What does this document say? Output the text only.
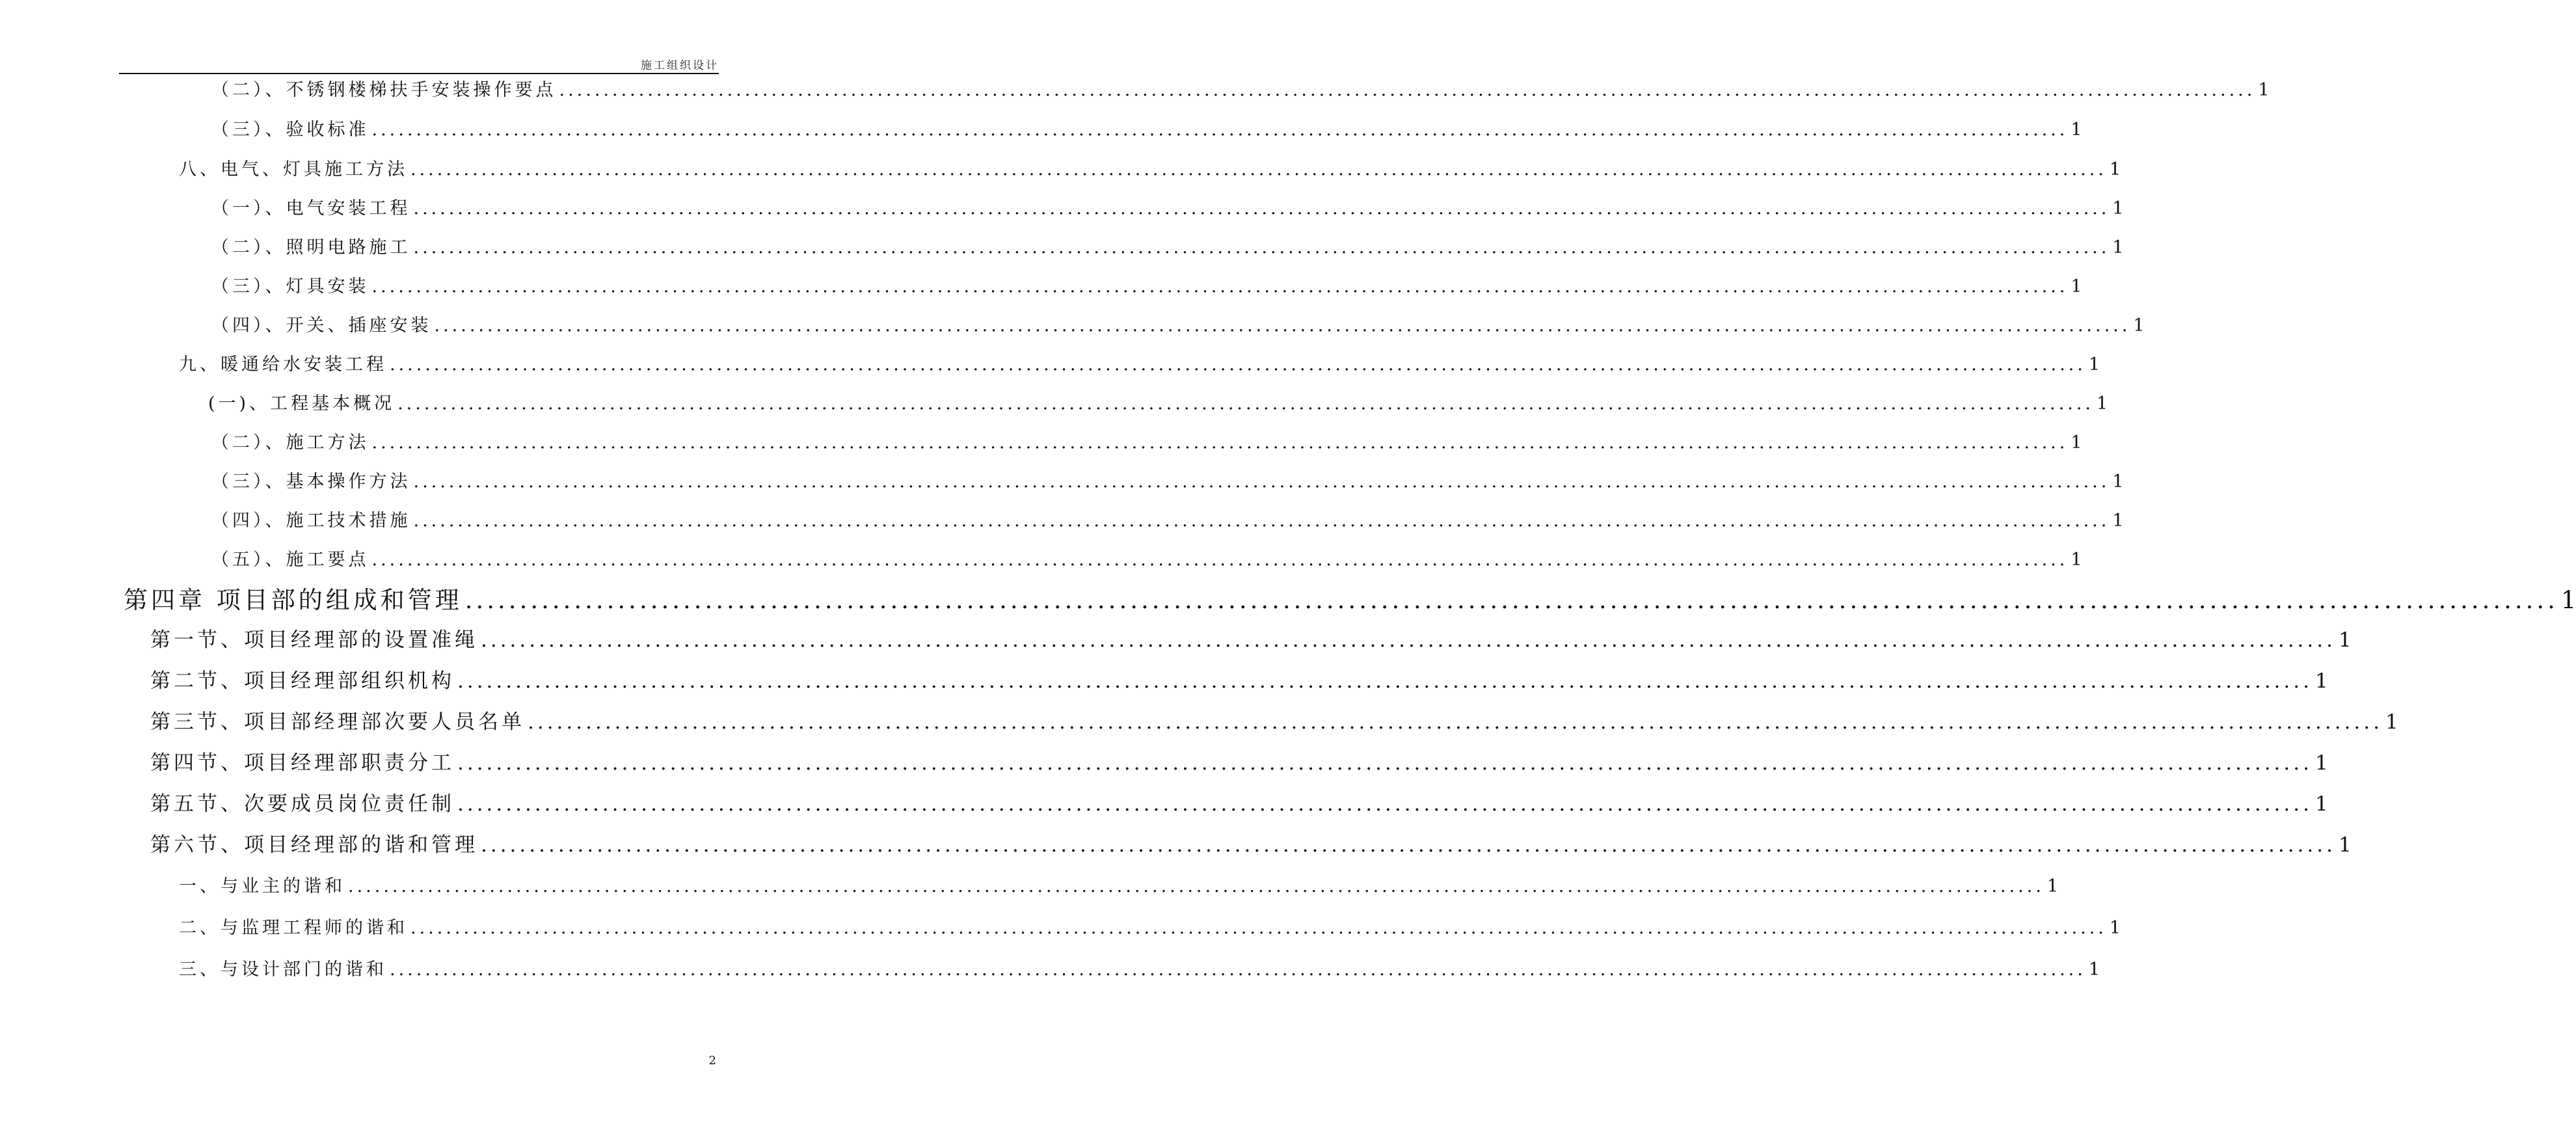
施工组织设计
（二）、不锈钢楼梯扶手安装操作要点 ................................................................................................................................................................................................ 1
（三）、验收标准 ................................................................................................................................................................................................ 1
八、电气、灯具施工方法 ................................................................................................................................................................................................ 1
（一）、电气安装工程 ................................................................................................................................................................................................ 1
（二）、照明电路施工 ................................................................................................................................................................................................ 1
（三）、灯具安装 ................................................................................................................................................................................................ 1
（四）、开关、插座安装 ................................................................................................................................................................................................ 1
九、暖通给水安装工程 ................................................................................................................................................................................................ 1
(一)、工程基本概况 ................................................................................................................................................................................................ 1
（二）、施工方法 ................................................................................................................................................................................................ 1
（三）、基本操作方法 ................................................................................................................................................................................................ 1
（四）、施工技术措施 ................................................................................................................................................................................................ 1
（五）、施工要点 ................................................................................................................................................................................................ 1
第四章 项目部的组成和管理 ................................................................................................................................................................................................ 1
第一节、项目经理部的设置准绳 ................................................................................................................................................................................................ 1
第二节、项目经理部组织机构 ................................................................................................................................................................................................ 1
第三节、项目部经理部次要人员名单 ................................................................................................................................................................................................ 1
第四节、项目经理部职责分工 ................................................................................................................................................................................................ 1
第五节、次要成员岗位责任制 ................................................................................................................................................................................................ 1
第六节、项目经理部的谐和管理 ................................................................................................................................................................................................ 1
一、与业主的谐和 ................................................................................................................................................................................................ 1
二、与监理工程师的谐和 ................................................................................................................................................................................................ 1
三、与设计部门的谐和 ................................................................................................................................................................................................ 1
2
